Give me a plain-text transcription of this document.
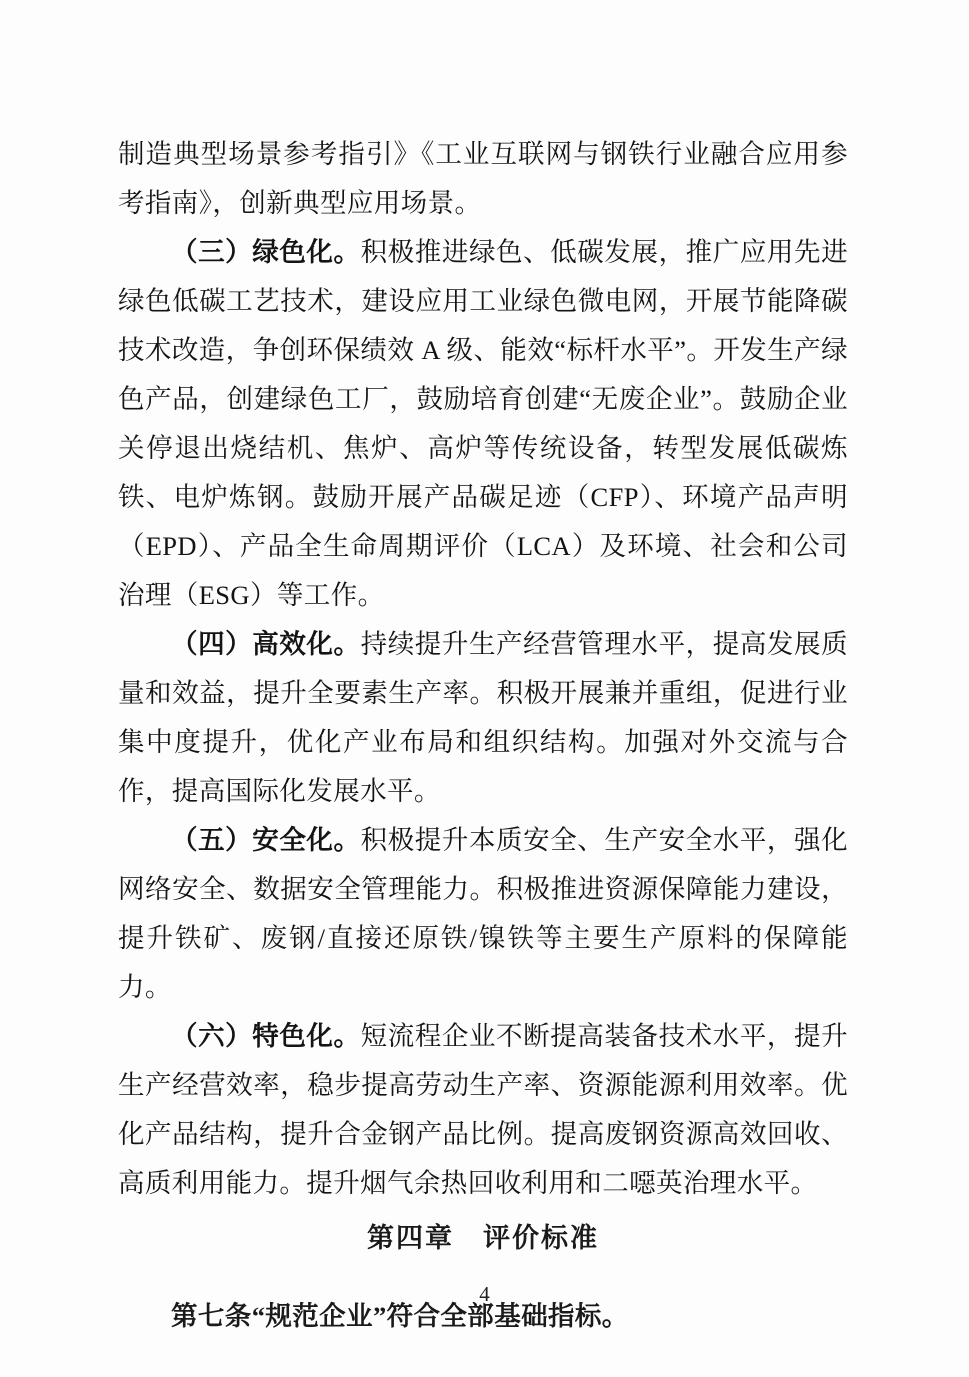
制造典型场景参考指引》《工业互联网与钢铁行业融合应用参考指南》，创新典型应用场景。

（三）绿色化。积极推进绿色、低碳发展，推广应用先进绿色低碳工艺技术，建设应用工业绿色微电网，开展节能降碳技术改造，争创环保绩效 A 级、能效“标杆水平”。开发生产绿色产品，创建绿色工厂，鼓励培育创建“无废企业”。鼓励企业关停退出烧结机、焦炉、高炉等传统设备，转型发展低碳炼铁、电炉炼钢。鼓励开展产品碳足迹（CFP）、环境产品声明（EPD）、产品全生命周期评价（LCA）及环境、社会和公司治理（ESG）等工作。

（四）高效化。持续提升生产经营管理水平，提高发展质量和效益，提升全要素生产率。积极开展兼并重组，促进行业集中度提升，优化产业布局和组织结构。加强对外交流与合作，提高国际化发展水平。

（五）安全化。积极提升本质安全、生产安全水平，强化网络安全、数据安全管理能力。积极推进资源保障能力建设，提升铁矿、废钢/直接还原铁/镍铁等主要生产原料的保障能力。

（六）特色化。短流程企业不断提高装备技术水平，提升生产经营效率，稳步提高劳动生产率、资源能源利用效率。优化产品结构，提升合金钢产品比例。提高废钢资源高效回收、高质利用能力。提升烟气余热回收利用和二噁英治理水平。

第四章　评价标准

第七条“规范企业”符合全部基础指标。

4
